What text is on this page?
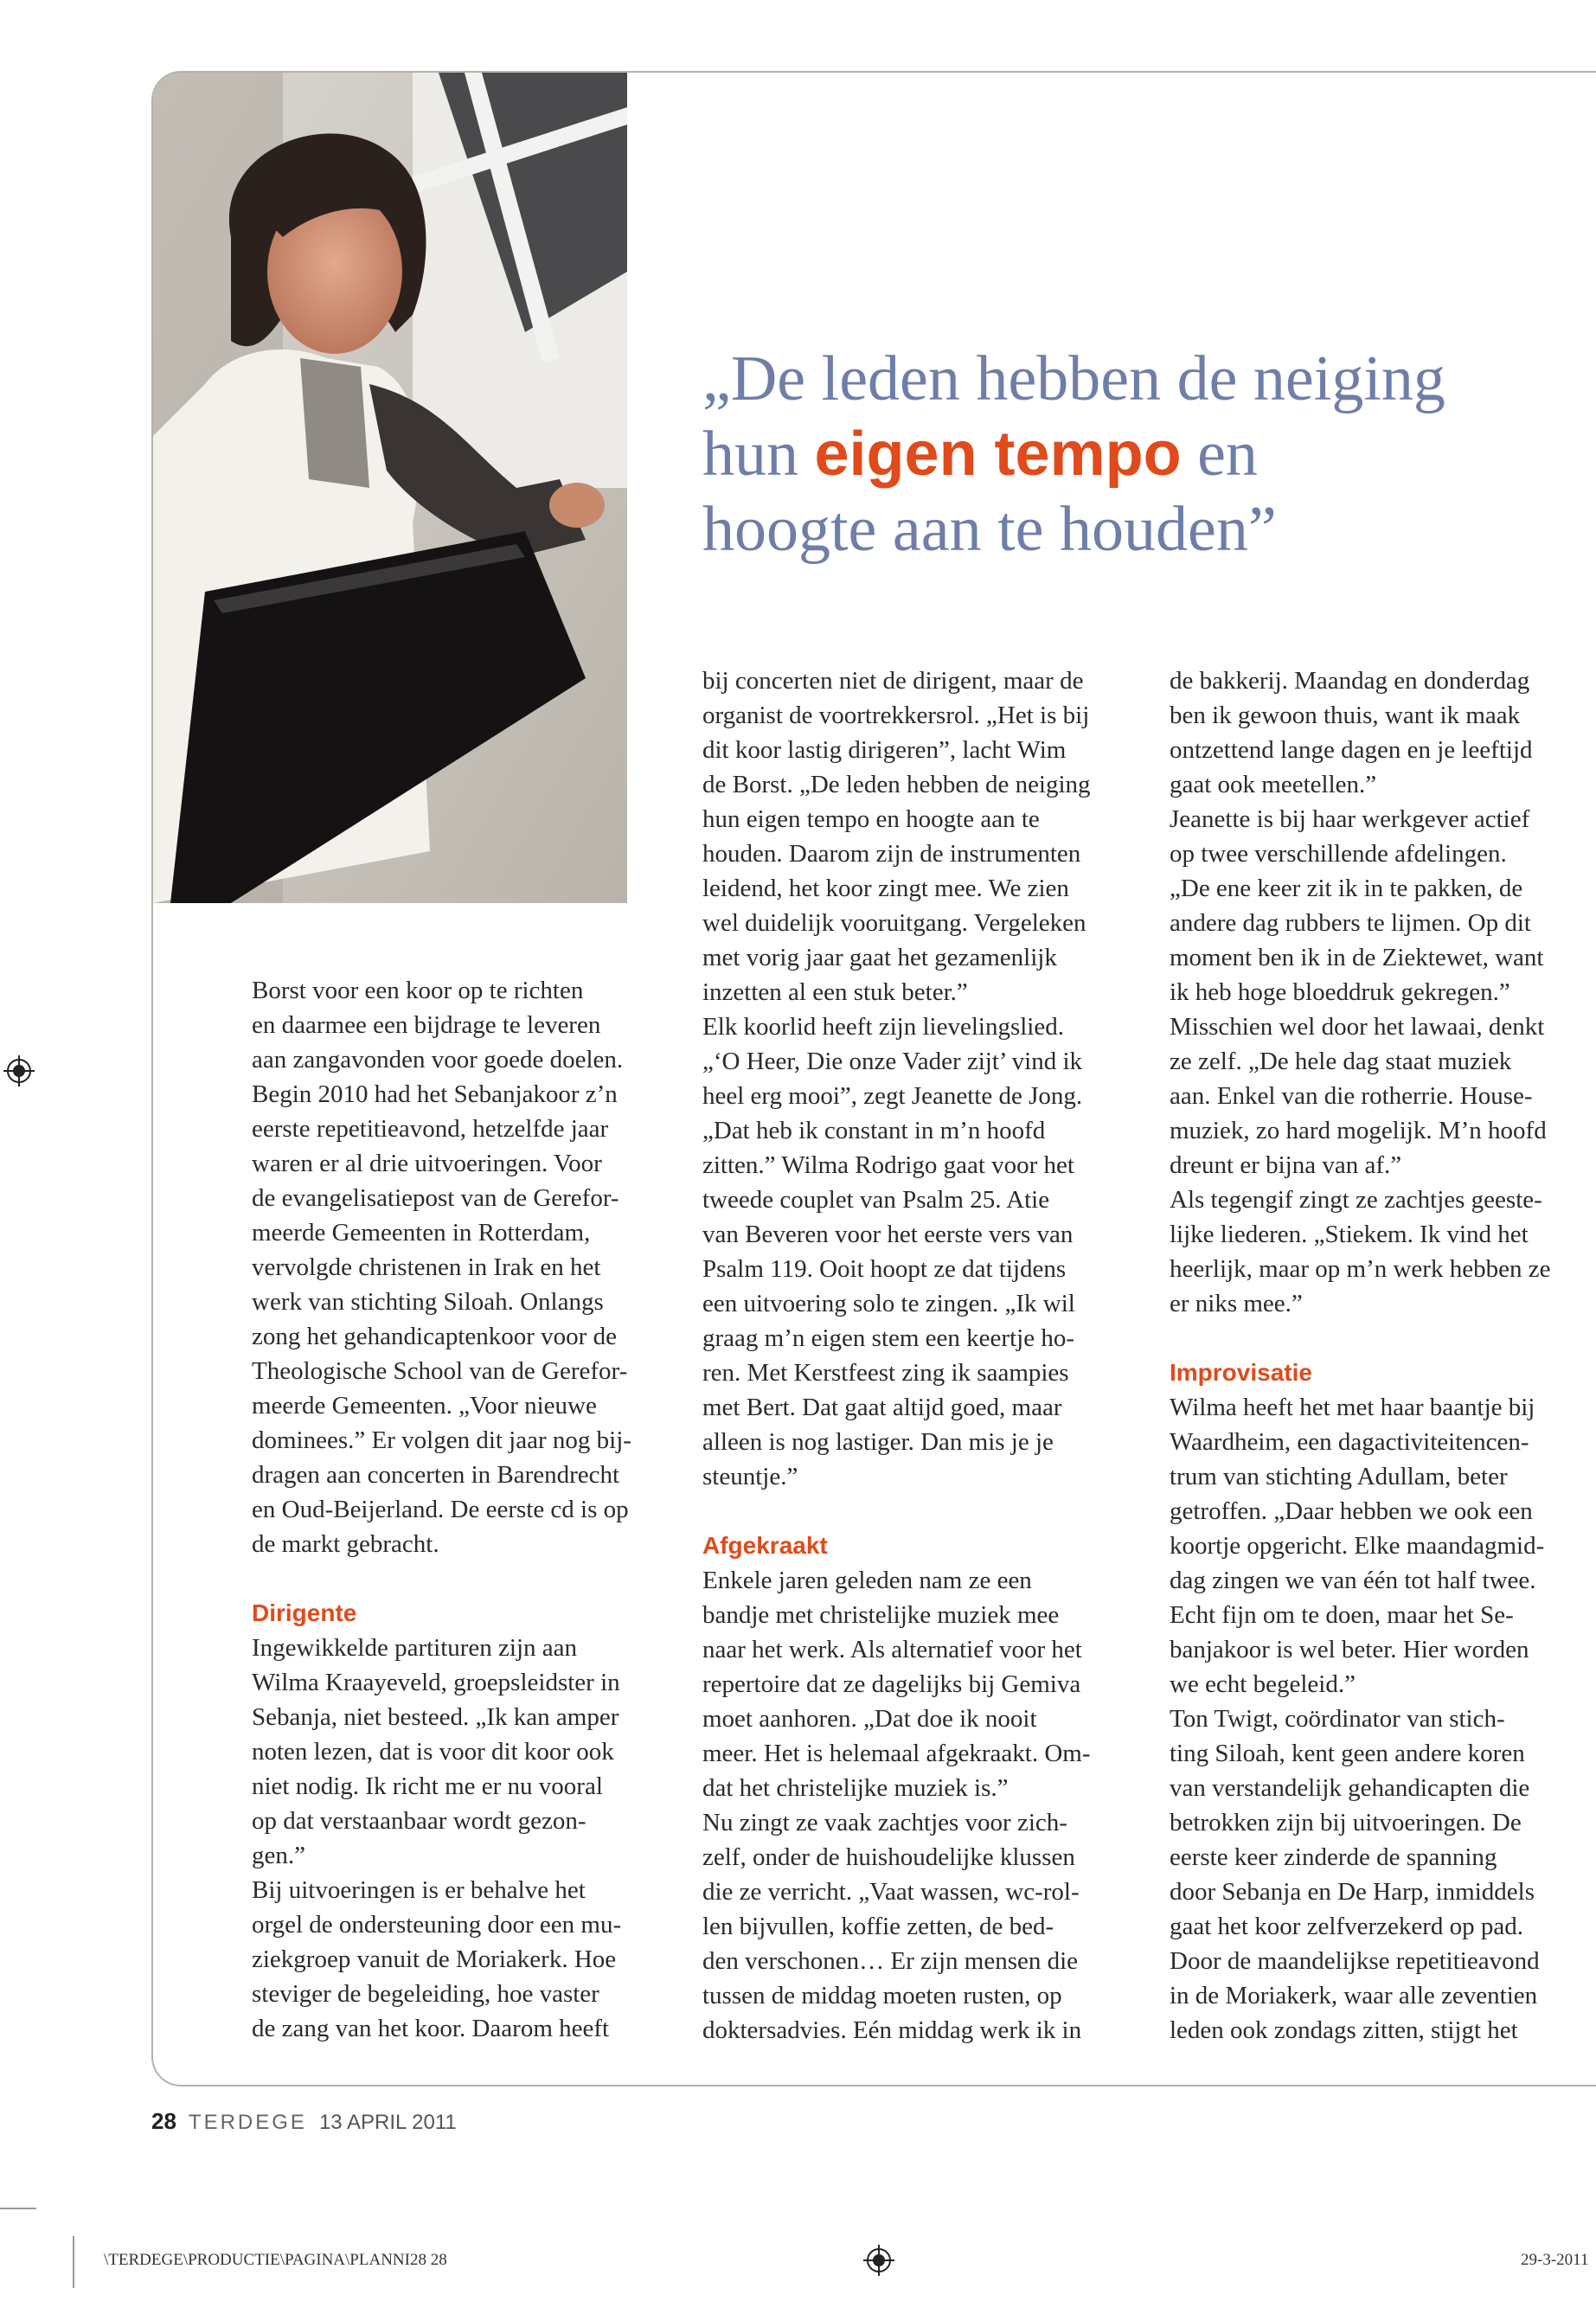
„De leden hebben de neiging
hun eigen tempo en
hoogte aan te houden”

Borst voor een koor op te richten
en daarmee een bijdrage te leveren
aan zangavonden voor goede doelen.
Begin 2010 had het Sebanjakoor z’n
eerste repetitieavond, hetzelfde jaar
waren er al drie uitvoeringen. Voor
de evangelisatiepost van de Gerefor-
meerde Gemeenten in Rotterdam,
vervolgde christenen in Irak en het
werk van stichting Siloah. Onlangs
zong het gehandicaptenkoor voor de
Theologische School van de Gerefor-
meerde Gemeenten. „Voor nieuwe
dominees.” Er volgen dit jaar nog bij-
dragen aan concerten in Barendrecht
en Oud-Beijerland. De eerste cd is op
de markt gebracht.

Dirigente

Ingewikkelde partituren zijn aan
Wilma Kraayeveld, groepsleidster in
Sebanja, niet besteed. „Ik kan amper
noten lezen, dat is voor dit koor ook
niet nodig. Ik richt me er nu vooral
op dat verstaanbaar wordt gezon-
gen.”
Bij uitvoeringen is er behalve het
orgel de ondersteuning door een mu-
ziekgroep vanuit de Moriakerk. Hoe
steviger de begeleiding, hoe vaster
de zang van het koor. Daarom heeft

bij concerten niet de dirigent, maar de
organist de voortrekkersrol. „Het is bij
dit koor lastig dirigeren”, lacht Wim
de Borst. „De leden hebben de neiging
hun eigen tempo en hoogte aan te
houden. Daarom zijn de instrumenten
leidend, het koor zingt mee. We zien
wel duidelijk vooruitgang. Vergeleken
met vorig jaar gaat het gezamenlijk
inzetten al een stuk beter.”
Elk koorlid heeft zijn lievelingslied.
„‘O Heer, Die onze Vader zijt’ vind ik
heel erg mooi”, zegt Jeanette de Jong.
„Dat heb ik constant in m’n hoofd
zitten.” Wilma Rodrigo gaat voor het
tweede couplet van Psalm 25. Atie
van Beveren voor het eerste vers van
Psalm 119. Ooit hoopt ze dat tijdens
een uitvoering solo te zingen. „Ik wil
graag m’n eigen stem een keertje ho-
ren. Met Kerstfeest zing ik saampies
met Bert. Dat gaat altijd goed, maar
alleen is nog lastiger. Dan mis je je
steuntje.”

Afgekraakt

Enkele jaren geleden nam ze een
bandje met christelijke muziek mee
naar het werk. Als alternatief voor het
repertoire dat ze dagelijks bij Gemiva
moet aanhoren. „Dat doe ik nooit
meer. Het is helemaal afgekraakt. Om-
dat het christelijke muziek is.”
Nu zingt ze vaak zachtjes voor zich-
zelf, onder de huishoudelijke klussen
die ze verricht. „Vaat wassen, wc-rol-
len bijvullen, koffie zetten, de bed-
den verschonen… Er zijn mensen die
tussen de middag moeten rusten, op
doktersadvies. Eén middag werk ik in

de bakkerij. Maandag en donderdag
ben ik gewoon thuis, want ik maak
ontzettend lange dagen en je leeftijd
gaat ook meetellen.”
Jeanette is bij haar werkgever actief
op twee verschillende afdelingen.
„De ene keer zit ik in te pakken, de
andere dag rubbers te lijmen. Op dit
moment ben ik in de Ziektewet, want
ik heb hoge bloeddruk gekregen.”
Misschien wel door het lawaai, denkt
ze zelf. „De hele dag staat muziek
aan. Enkel van die rotherrie. House-
muziek, zo hard mogelijk. M’n hoofd
dreunt er bijna van af.”
Als tegengif zingt ze zachtjes geeste-
lijke liederen. „Stiekem. Ik vind het
heerlijk, maar op m’n werk hebben ze
er niks mee.”

Improvisatie

Wilma heeft het met haar baantje bij
Waardheim, een dagactiviteitencen-
trum van stichting Adullam, beter
getroffen. „Daar hebben we ook een
koortje opgericht. Elke maandagmid-
dag zingen we van één tot half twee.
Echt fijn om te doen, maar het Se-
banjakoor is wel beter. Hier worden
we echt begeleid.”
Ton Twigt, coördinator van stich-
ting Siloah, kent geen andere koren
van verstandelijk gehandicapten die
betrokken zijn bij uitvoeringen. De
eerste keer zinderde de spanning
door Sebanja en De Harp, inmiddels
gaat het koor zelfverzekerd op pad.
Door de maandelijkse repetitieavond
in de Moriakerk, waar alle zeventien
leden ook zondags zitten, stijgt het

28 TERDEGE 13 APRIL 2011
\TERDEGE\PRODUCTIE\PAGINA\PLANNI28 28	29-3-2011
